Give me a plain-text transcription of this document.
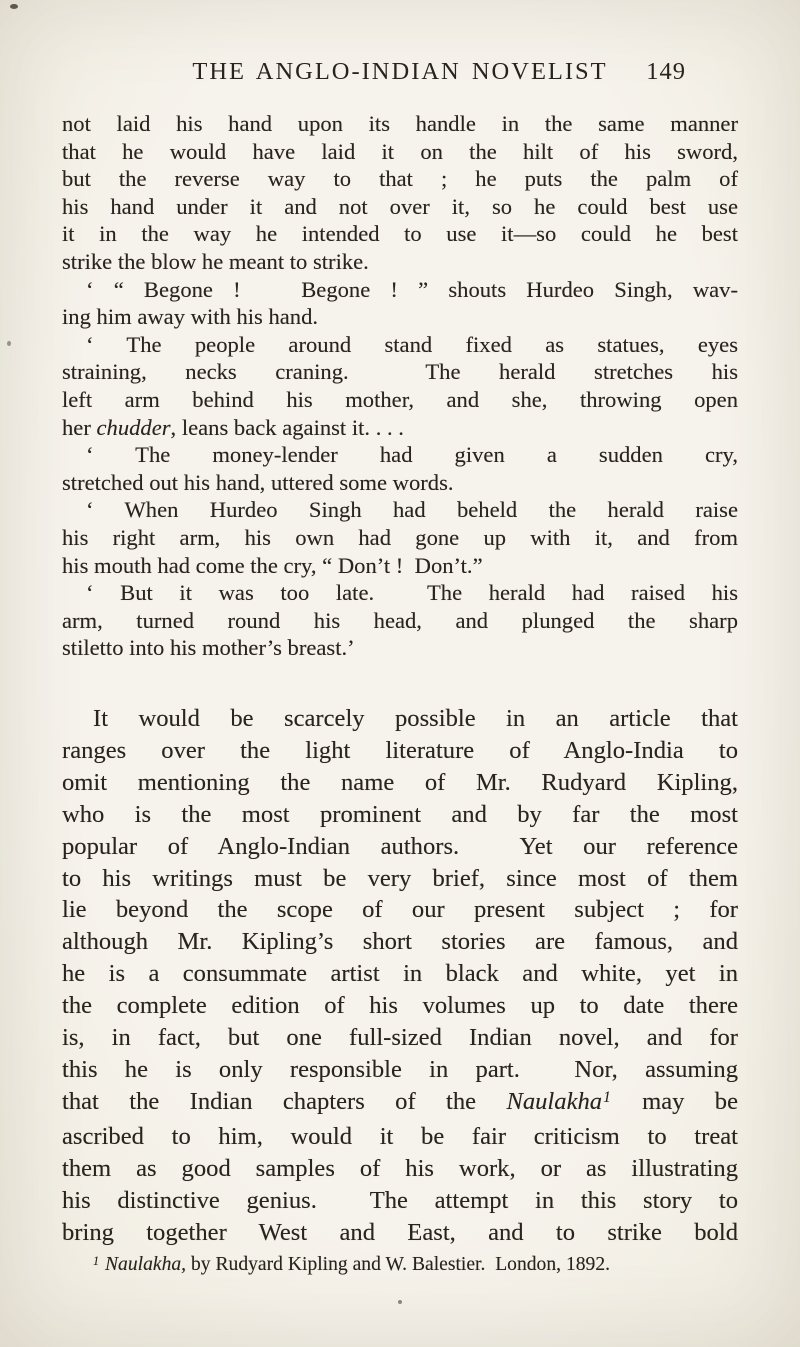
THE ANGLO-INDIAN NOVELIST 149
not laid his hand upon its handle in the same manner
that he would have laid it on the hilt of his sword,
but the reverse way to that ; he puts the palm of
his hand under it and not over it, so he could best use
it in the way he intended to use it—so could he best
strike the blow he meant to strike.
‘ “ Begone !   Begone ! ” shouts Hurdeo Singh, wav-
ing him away with his hand.
‘ The people around stand fixed as statues, eyes
straining, necks craning.  The herald stretches his
left arm behind his mother, and she, throwing open
her chudder, leans back against it. . . .
‘ The money-lender had given a sudden cry,
stretched out his hand, uttered some words.
‘ When Hurdeo Singh had beheld the herald raise
his right arm, his own had gone up with it, and from
his mouth had come the cry, “ Don’t !  Don’t.”
‘ But it was too late.  The herald had raised his
arm, turned round his head, and plunged the sharp
stiletto into his mother’s breast.’
It would be scarcely possible in an article that
ranges over the light literature of Anglo-India to
omit mentioning the name of Mr. Rudyard Kipling,
who is the most prominent and by far the most
popular of Anglo-Indian authors.  Yet our reference
to his writings must be very brief, since most of them
lie beyond the scope of our present subject ; for
although Mr. Kipling’s short stories are famous, and
he is a consummate artist in black and white, yet in
the complete edition of his volumes up to date there
is, in fact, but one full-sized Indian novel, and for
this he is only responsible in part.  Nor, assuming
that the Indian chapters of the Naulakha$^1$ may be
ascribed to him, would it be fair criticism to treat
them as good samples of his work, or as illustrating
his distinctive genius.  The attempt in this story to
bring together West and East, and to strike bold
$^1$ Naulakha, by Rudyard Kipling and W. Balestier.  London, 1892.
